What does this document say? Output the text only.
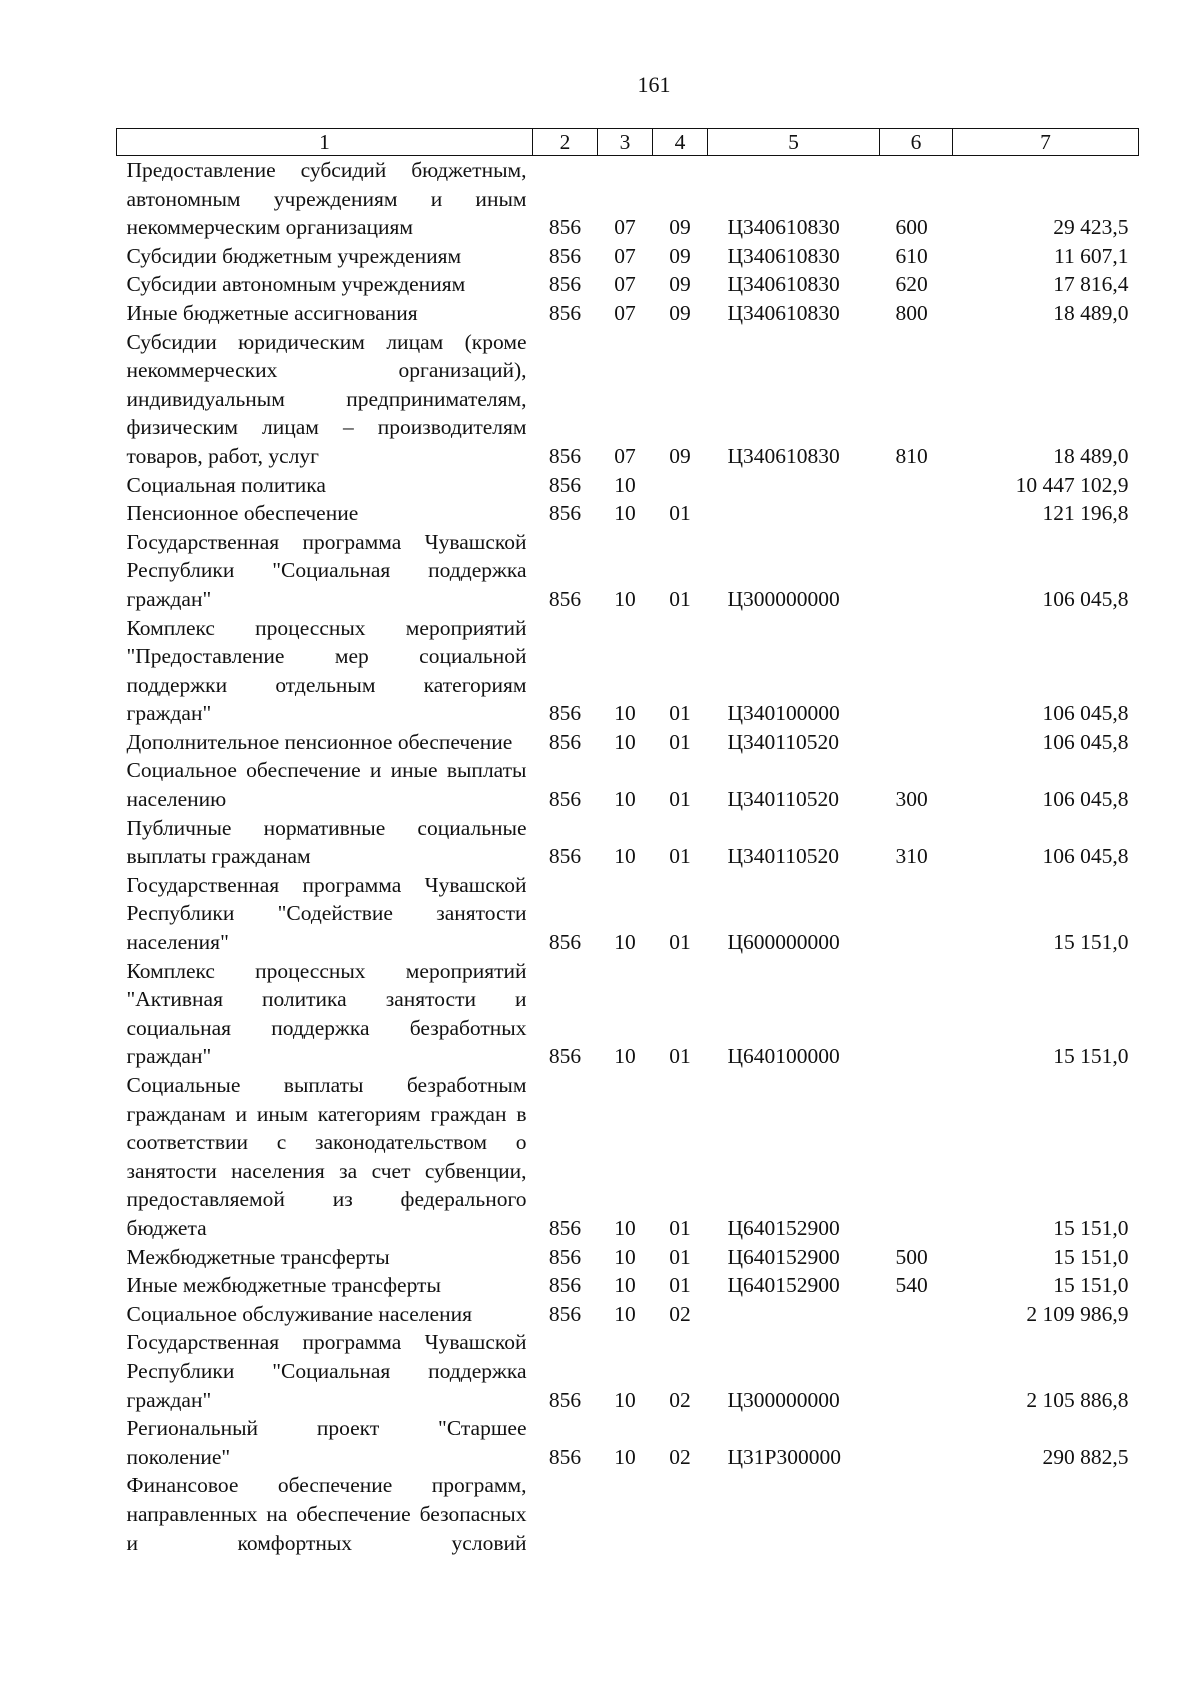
161
1	2	3	4	5	6	7
Предоставление субсидий бюджетным, автономным учреждениям и иным некоммерческим организациям	856	07	09	Ц340610830	600	29 423,5
Субсидии бюджетным учреждениям	856	07	09	Ц340610830	610	11 607,1
Субсидии автономным учреждениям	856	07	09	Ц340610830	620	17 816,4
Иные бюджетные ассигнования	856	07	09	Ц340610830	800	18 489,0
Субсидии юридическим лицам (кроме некоммерческих организаций), индивидуальным предпринимателям, физическим лицам – производителям товаров, работ, услуг	856	07	09	Ц340610830	810	18 489,0
Социальная политика	856	10				10 447 102,9
Пенсионное обеспечение	856	10	01			121 196,8
Государственная программа Чувашской Республики "Социальная поддержка граждан"	856	10	01	Ц300000000		106 045,8
Комплекс процессных мероприятий "Предоставление мер социальной поддержки отдельным категориям граждан"	856	10	01	Ц340100000		106 045,8
Дополнительное пенсионное обеспечение	856	10	01	Ц340110520		106 045,8
Социальное обеспечение и иные выплаты населению	856	10	01	Ц340110520	300	106 045,8
Публичные нормативные социальные выплаты гражданам	856	10	01	Ц340110520	310	106 045,8
Государственная программа Чувашской Республики "Содействие занятости населения"	856	10	01	Ц600000000		15 151,0
Комплекс процессных мероприятий "Активная политика занятости и социальная поддержка безработных граждан"	856	10	01	Ц640100000		15 151,0
Социальные выплаты безработным гражданам и иным категориям граждан в соответствии с законодательством о занятости населения за счет субвенции, предоставляемой из федерального бюджета	856	10	01	Ц640152900		15 151,0
Межбюджетные трансферты	856	10	01	Ц640152900	500	15 151,0
Иные межбюджетные трансферты	856	10	01	Ц640152900	540	15 151,0
Социальное обслуживание населения	856	10	02			2 109 986,9
Государственная программа Чувашской Республики "Социальная поддержка граждан"	856	10	02	Ц300000000		2 105 886,8
Региональный проект "Старшее поколение"	856	10	02	Ц31Р300000		290 882,5
Финансовое обеспечение программ, направленных на обеспечение безопасных и комфортных условий						
